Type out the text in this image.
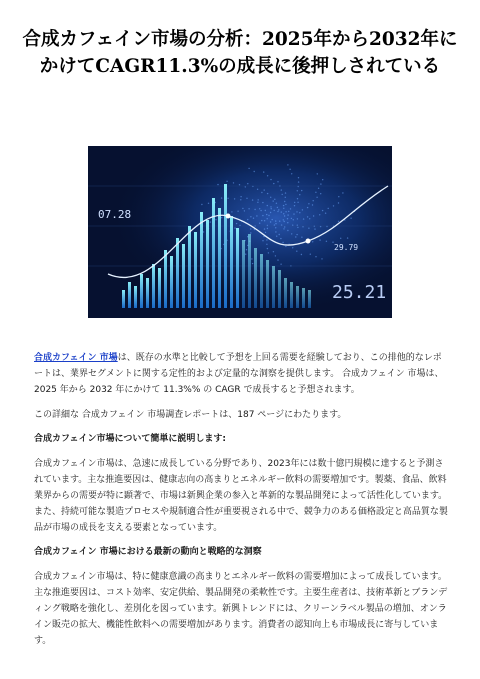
合成カフェイン市場の分析：2025年から2032年にかけてCAGR11.3%の成長に後押しされている
07.28
29.79
25.21

合成カフェイン 市場は、既存の水準と比較して予想を上回る需要を経験しており、この排他的なレポートは、業界セグメントに関する定性的および定量的な洞察を提供します。 合成カフェイン 市場は、2025 年から 2032 年にかけて 11.3%% の CAGR で成長すると予想されます。

この詳細な 合成カフェイン 市場調査レポートは、187 ページにわたります。

合成カフェイン市場について簡単に説明します:

合成カフェイン市場は、急速に成長している分野であり、2023年には数十億円規模に達すると予測されています。主な推進要因は、健康志向の高まりとエネルギー飲料の需要増加です。製薬、食品、飲料業界からの需要が特に顕著で、市場は新興企業の参入と革新的な製品開発によって活性化しています。また、持続可能な製造プロセスや規制適合性が重要視される中で、競争力のある価格設定と高品質な製品が市場の成長を支える要素となっています。

合成カフェイン 市場における最新の動向と戦略的な洞察

合成カフェイン市場は、特に健康意識の高まりとエネルギー飲料の需要増加によって成長しています。主な推進要因は、コスト効率、安定供給、製品開発の柔軟性です。主要生産者は、技術革新とブランディング戦略を強化し、差別化を図っています。新興トレンドには、クリーンラベル製品の増加、オンライン販売の拡大、機能性飲料への需要増加があります。消費者の認知向上も市場成長に寄与しています。
